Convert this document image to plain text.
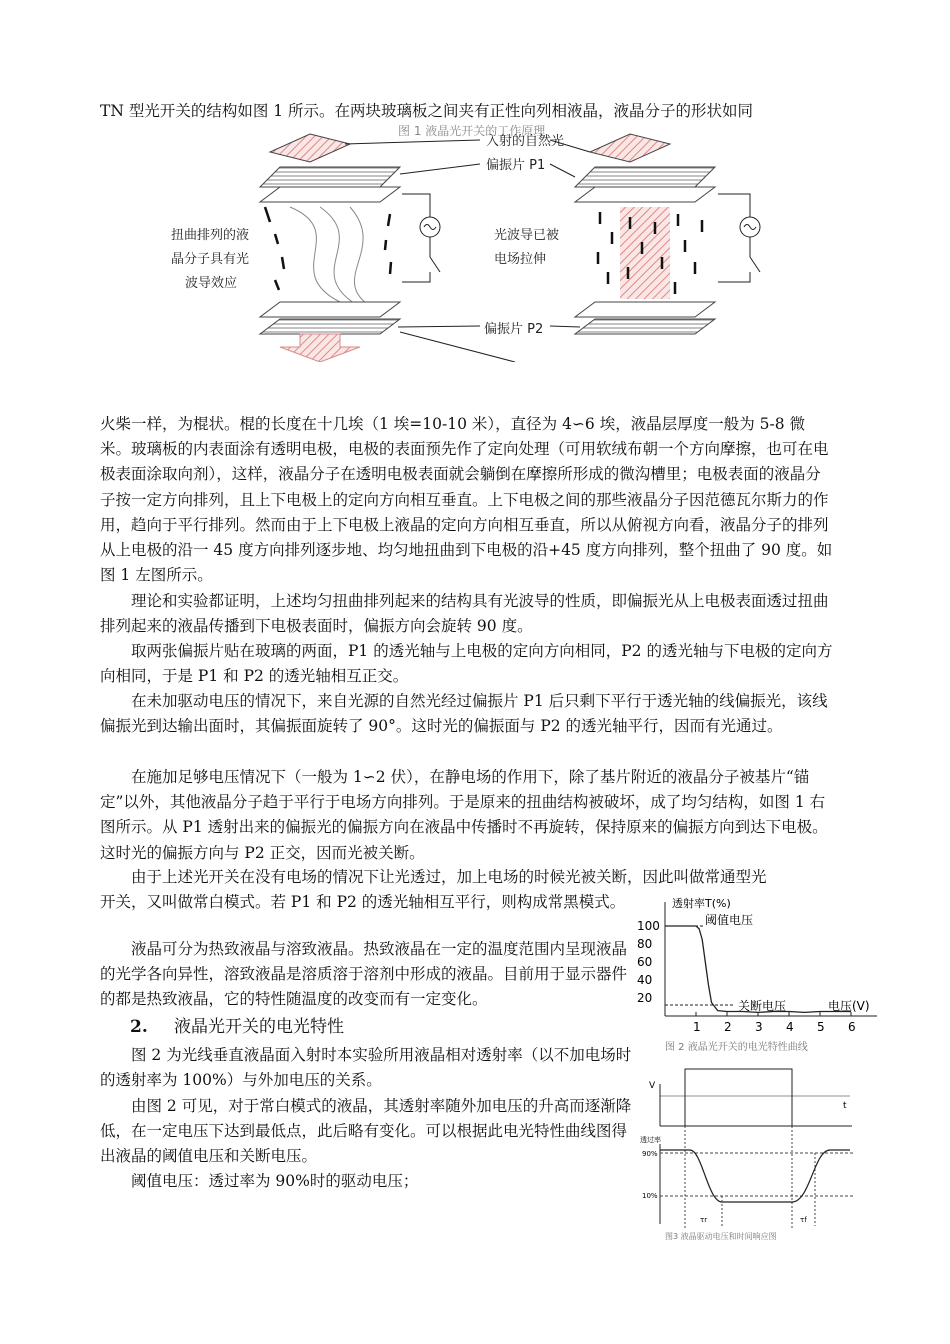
TN 型光开关的结构如图 1 所示。在两块玻璃板之间夹有正性向列相液晶，液晶分子的形状如同

图 1 液晶光开关的工作原理
入射的自然光
偏振片 P1
扭曲排列的液
晶分子具有光
波导效应
光波导已被
电场拉伸
偏振片 P2

火柴一样，为棍状。棍的长度在十几埃（1 埃=10-10 米），直径为 4∽6 埃，液晶层厚度一般为 5-8 微米。玻璃板的内表面涂有透明电极，电极的表面预先作了定向处理（可用软绒布朝一个方向摩擦，也可在电极表面涂取向剂），这样，液晶分子在透明电极表面就会躺倒在摩擦所形成的微沟槽里；电极表面的液晶分子按一定方向排列，且上下电极上的定向方向相互垂直。上下电极之间的那些液晶分子因范德瓦尔斯力的作用，趋向于平行排列。然而由于上下电极上液晶的定向方向相互垂直，所以从俯视方向看，液晶分子的排列从上电极的沿一 45 度方向排列逐步地、均匀地扭曲到下电极的沿+45 度方向排列，整个扭曲了 90 度。如图 1 左图所示。

理论和实验都证明，上述均匀扭曲排列起来的结构具有光波导的性质，即偏振光从上电极表面透过扭曲排列起来的液晶传播到下电极表面时，偏振方向会旋转 90 度。

取两张偏振片贴在玻璃的两面，P1 的透光轴与上电极的定向方向相同，P2 的透光轴与下电极的定向方向相同，于是 P1 和 P2 的透光轴相互正交。

在未加驱动电压的情况下，来自光源的自然光经过偏振片 P1 后只剩下平行于透光轴的线偏振光，该线偏振光到达输出面时，其偏振面旋转了 90°。这时光的偏振面与 P2 的透光轴平行，因而有光通过。

在施加足够电压情况下（一般为 1∽2 伏），在静电场的作用下，除了基片附近的液晶分子被基片“锚定”以外，其他液晶分子趋于平行于电场方向排列。于是原来的扭曲结构被破坏，成了均匀结构，如图 1 右图所示。从 P1 透射出来的偏振光的偏振方向在液晶中传播时不再旋转，保持原来的偏振方向到达下电极。这时光的偏振方向与 P2 正交，因而光被关断。

由于上述光开关在没有电场的情况下让光透过，加上电场的时候光被关断，因此叫做常通型光

开关，又叫做常白模式。若 P1 和 P2 的透光轴相互平行，则构成常黑模式。

液晶可分为热致液晶与溶致液晶。热致液晶在一定的温度范围内呈现液晶的光学各向异性，溶致液晶是溶质溶于溶剂中形成的液晶。目前用于显示器件的都是热致液晶，它的特性随温度的改变而有一定变化。

2. 液晶光开关的电光特性

图 2 为光线垂直液晶面入射时本实验所用液晶相对透射率（以不加电场时的透射率为 100%）与外加电压的关系。

由图 2 可见，对于常白模式的液晶，其透射率随外加电压的升高而逐渐降低，在一定电压下达到最低点，此后略有变化。可以根据此电光特性曲线图得出液晶的阈值电压和关断电压。

阈值电压：透过率为 90%时的驱动电压；

透射率T(%)
电压(V)
阈值电压
关断电压
1 2 3 4 5 6
20
40
60
80
100
图 2 液晶光开关的电光特性曲线
V
t
透过率
90%
10%
τr	τf
图3 液晶驱动电压和时间响应图
